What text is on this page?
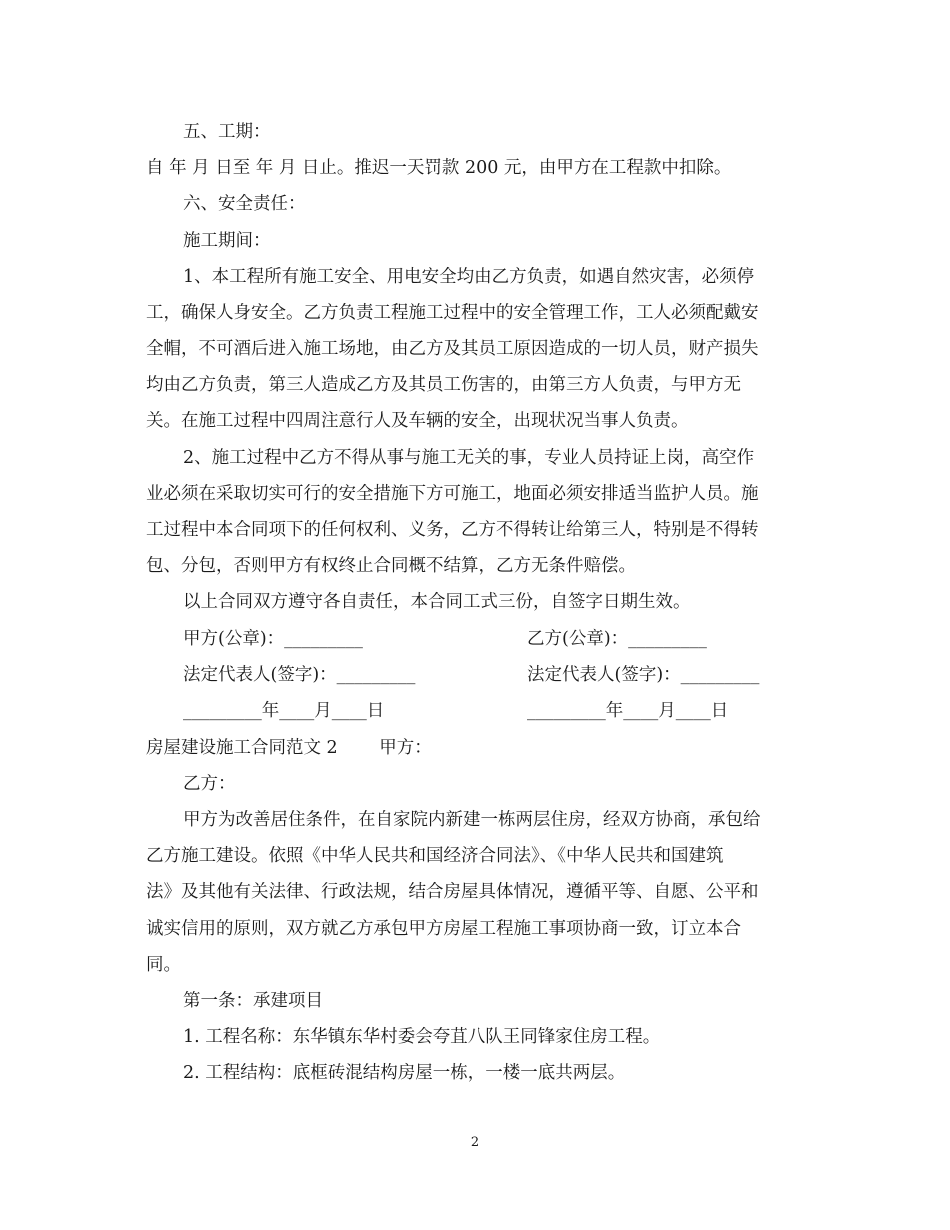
五、工期：
自 年 月 日至 年 月 日止。推迟一天罚款 200 元，由甲方在工程款中扣除。
六、安全责任：
施工期间：
1、本工程所有施工安全、用电安全均由乙方负责，如遇自然灾害，必须停
工，确保人身安全。乙方负责工程施工过程中的安全管理工作，工人必须配戴安
全帽，不可酒后进入施工场地，由乙方及其员工原因造成的一切人员，财产损失
均由乙方负责，第三人造成乙方及其员工伤害的，由第三方人负责，与甲方无
关。在施工过程中四周注意行人及车辆的安全，出现状况当事人负责。
2、施工过程中乙方不得从事与施工无关的事，专业人员持证上岗，高空作
业必须在采取切实可行的安全措施下方可施工，地面必须安排适当监护人员。施
工过程中本合同项下的任何权利、义务，乙方不得转让给第三人，特别是不得转
包、分包，否则甲方有权终止合同概不结算，乙方无条件赔偿。
以上合同双方遵守各自责任，本合同工式三份，自签字日期生效。
甲方(公章)：_________	乙方(公章)：_________
法定代表人(签字)：_________	法定代表人(签字)：_________
_________年____月____日	_________年____月____日
房屋建设施工合同范文 2 甲方：
乙方：
甲方为改善居住条件，在自家院内新建一栋两层住房，经双方协商，承包给
乙方施工建设。依照《中华人民共和国经济合同法》、《中华人民共和国建筑
法》及其他有关法律、行政法规，结合房屋具体情况，遵循平等、自愿、公平和
诚实信用的原则，双方就乙方承包甲方房屋工程施工事项协商一致，订立本合
同。
第一条：承建项目
1. 工程名称：东华镇东华村委会夸苴八队王同锋家住房工程。
2. 工程结构：底框砖混结构房屋一栋，一楼一底共两层。
2
